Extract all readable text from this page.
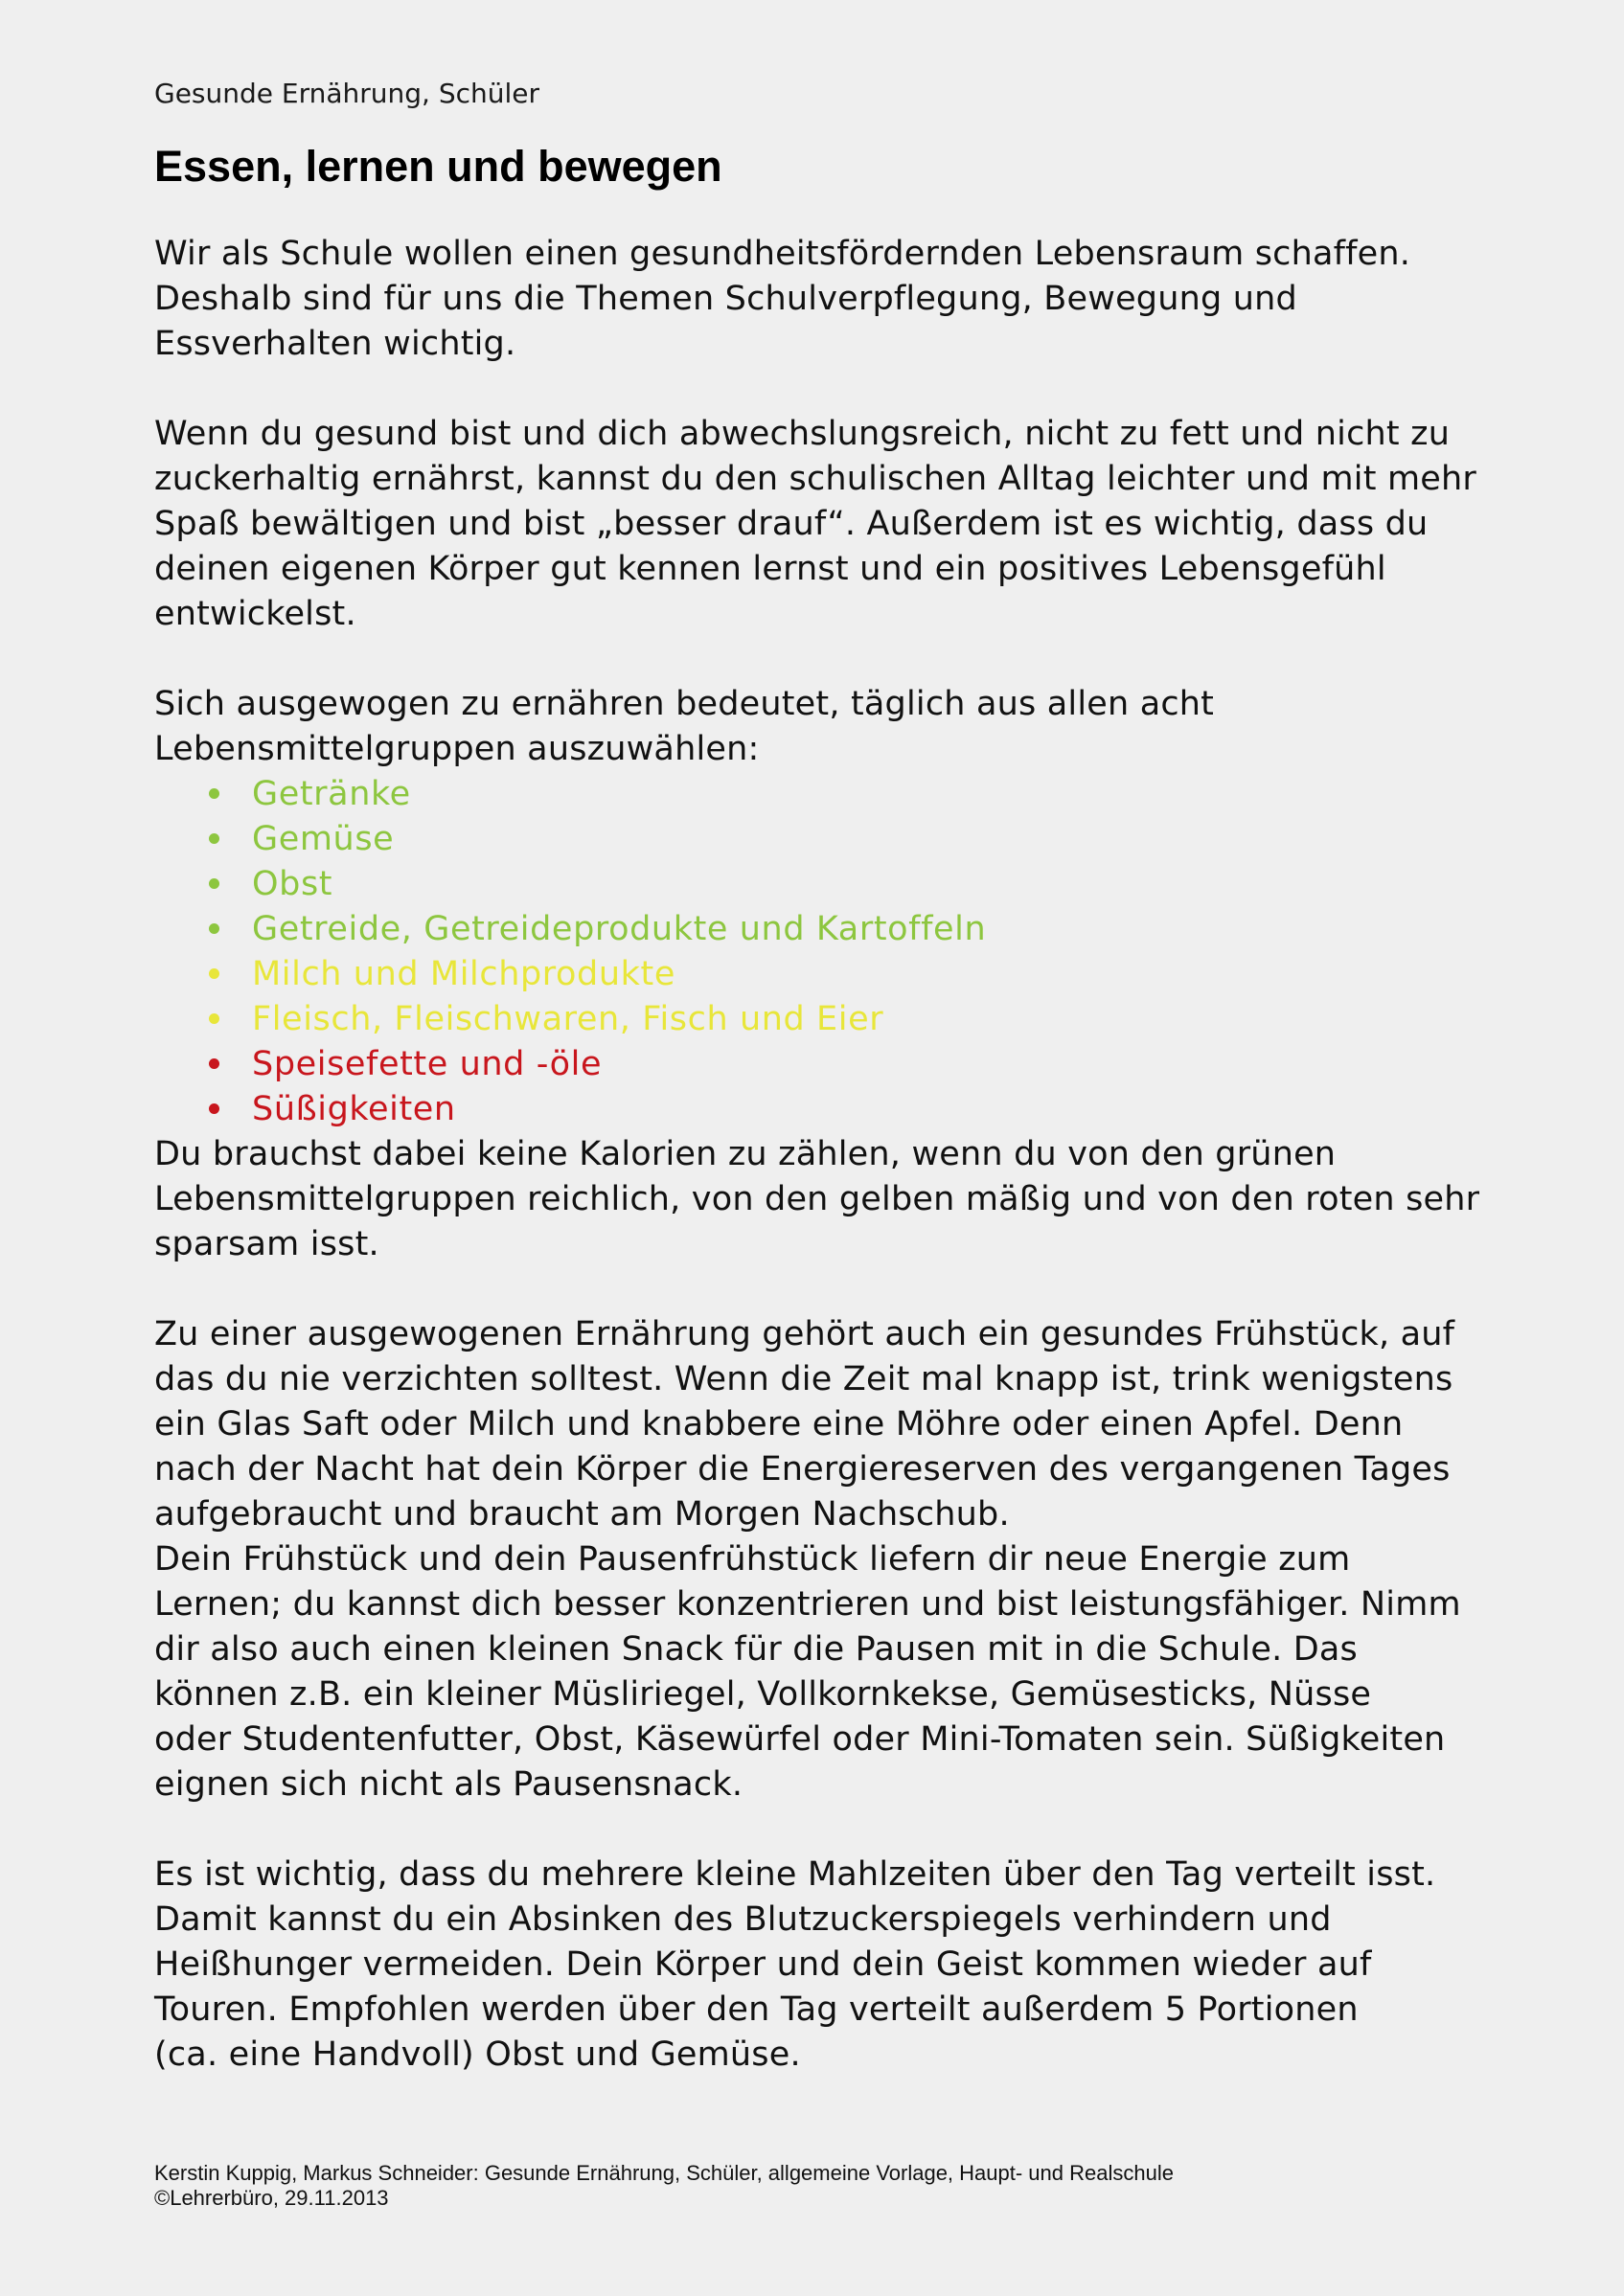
Gesunde Ernährung, Schüler

Essen, lernen und bewegen

Wir als Schule wollen einen gesundheitsfördernden Lebensraum schaffen.

Deshalb sind für uns die Themen Schulverpflegung, Bewegung und

Essverhalten wichtig.

Wenn du gesund bist und dich abwechslungsreich, nicht zu fett und nicht zu

zuckerhaltig ernährst, kannst du den schulischen Alltag leichter und mit mehr

Spaß bewältigen und bist „besser drauf“. Außerdem ist es wichtig, dass du

deinen eigenen Körper gut kennen lernst und ein positives Lebensgefühl

entwickelst.

Sich ausgewogen zu ernähren bedeutet, täglich aus allen acht

Lebensmittelgruppen auszuwählen:

Getränke
Gemüse
Obst
Getreide, Getreideprodukte und Kartoffeln
Milch und Milchprodukte
Fleisch, Fleischwaren, Fisch und Eier
Speisefette und -öle
Süßigkeiten

Du brauchst dabei keine Kalorien zu zählen, wenn du von den grünen

Lebensmittelgruppen reichlich, von den gelben mäßig und von den roten sehr

sparsam isst.

Zu einer ausgewogenen Ernährung gehört auch ein gesundes Frühstück, auf

das du nie verzichten solltest. Wenn die Zeit mal knapp ist, trink wenigstens

ein Glas Saft oder Milch und knabbere eine Möhre oder einen Apfel. Denn

nach der Nacht hat dein Körper die Energiereserven des vergangenen Tages

aufgebraucht und braucht am Morgen Nachschub.

Dein Frühstück und dein Pausenfrühstück liefern dir neue Energie zum

Lernen; du kannst dich besser konzentrieren und bist leistungsfähiger. Nimm

dir also auch einen kleinen Snack für die Pausen mit in die Schule. Das

können z.B. ein kleiner Müsliriegel, Vollkornkekse, Gemüsesticks, Nüsse

oder Studentenfutter, Obst, Käsewürfel oder Mini-Tomaten sein. Süßigkeiten

eignen sich nicht als Pausensnack.

Es ist wichtig, dass du mehrere kleine Mahlzeiten über den Tag verteilt isst.

Damit kannst du ein Absinken des Blutzuckerspiegels verhindern und

Heißhunger vermeiden. Dein Körper und dein Geist kommen wieder auf

Touren. Empfohlen werden über den Tag verteilt außerdem 5 Portionen

(ca. eine Handvoll) Obst und Gemüse.

Kerstin Kuppig, Markus Schneider: Gesunde Ernährung, Schüler, allgemeine Vorlage, Haupt- und Realschule

©Lehrerbüro, 29.11.2013
